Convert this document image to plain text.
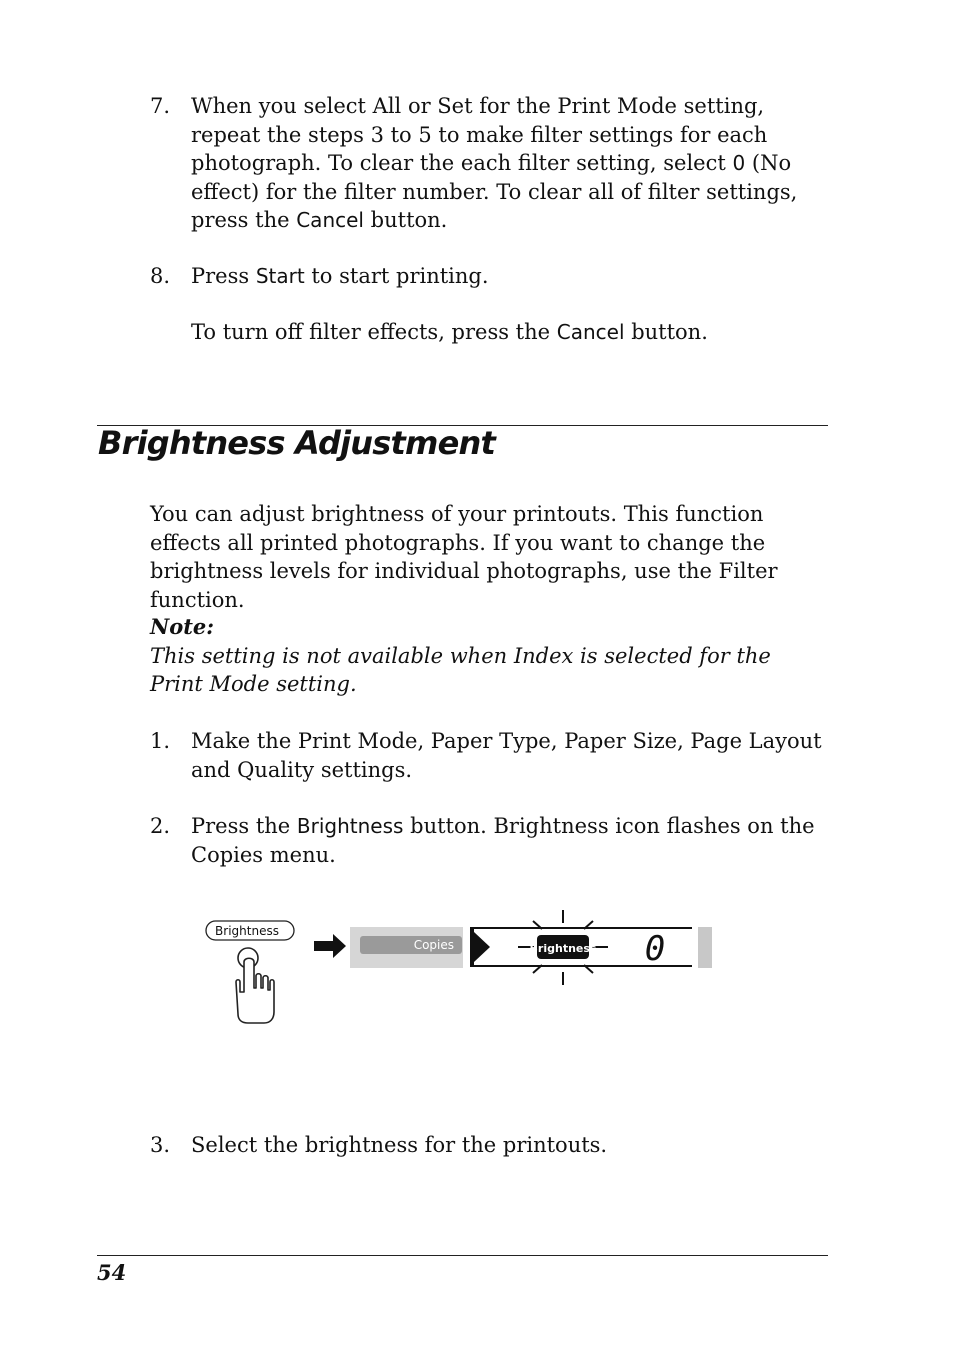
7. When you select All or Set for the Print Mode setting, repeat the steps 3 to 5 to make filter settings for each photograph. To clear the each filter setting, select 0 (No effect) for the filter number. To clear all of filter settings, press the Cancel button.
8. Press Start to start printing.
To turn off filter effects, press the Cancel button.
Brightness Adjustment
You can adjust brightness of your printouts. This function effects all printed photographs. If you want to change the brightness levels for individual photographs, use the Filter function.
Note:
This setting is not available when Index is selected for the Print Mode setting.
1. Make the Print Mode, Paper Type, Paper Size, Page Layout and Quality settings.
2. Press the Brightness button. Brightness icon flashes on the Copies menu.
Brightness
Copies	Brightness 0
3. Select the brightness for the printouts.
54
